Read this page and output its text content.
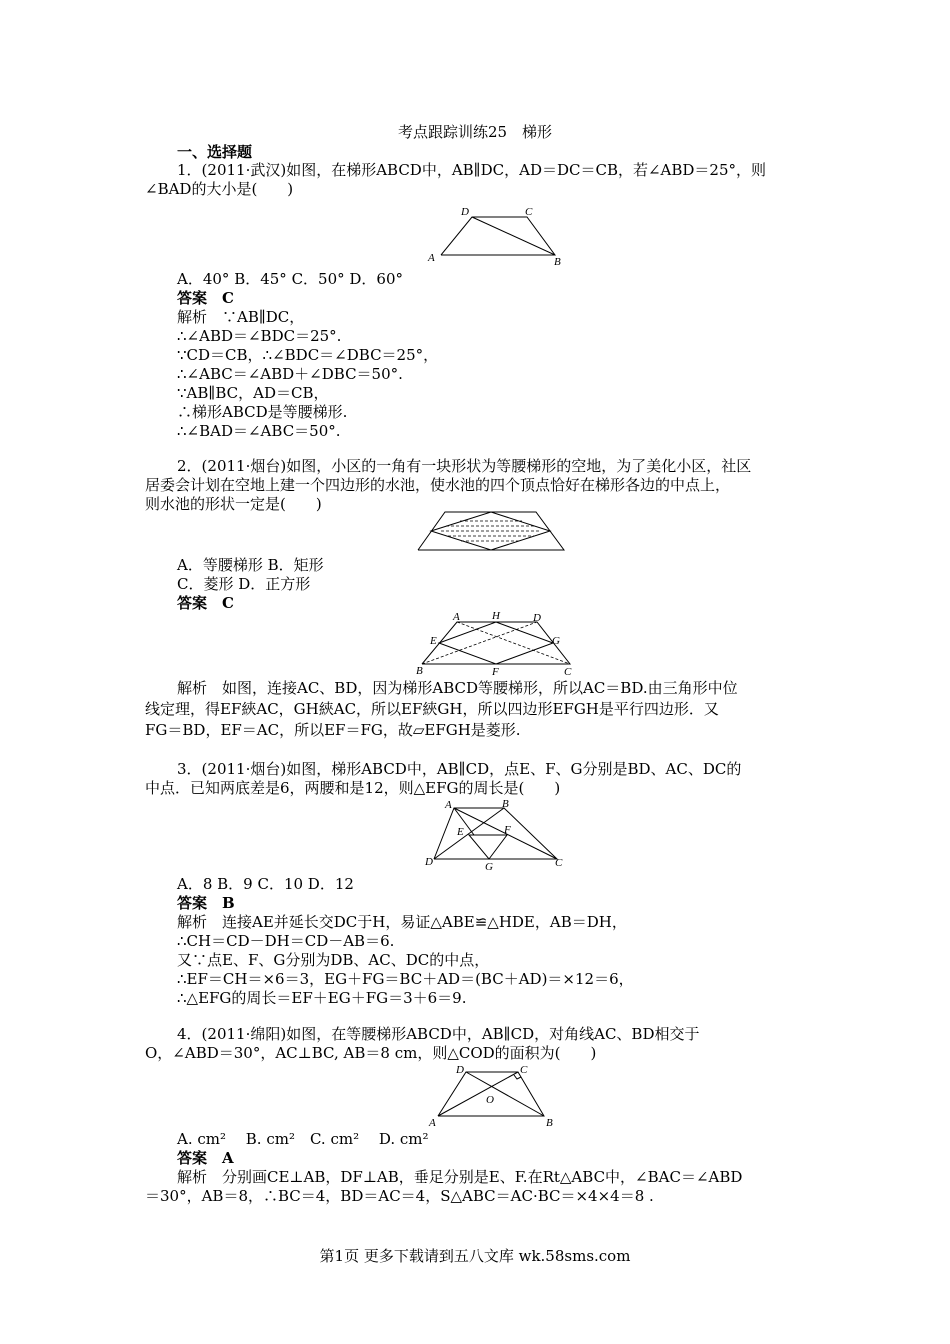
考点跟踪训练25　梯形
一、选择题
1．(2011·武汉)如图，在梯形ABCD中，AB∥DC，AD＝DC＝CB，若∠ABD＝25°，则
∠BAD的大小是(　　)
D	C
A	B
A．40° B．45° C．50° D．60°
答案　C
解析　∵AB∥DC，
∴∠ABD＝∠BDC＝25°.
∵CD＝CB，∴∠BDC＝∠DBC＝25°，
∴∠ABC＝∠ABD＋∠DBC＝50°.
∵AB∥BC，AD＝CB，
∴梯形ABCD是等腰梯形.
∴∠BAD＝∠ABC＝50°.
2．(2011·烟台)如图，小区的一角有一块形状为等腰梯形的空地，为了美化小区，社区
居委会计划在空地上建一个四边形的水池，使水池的四个顶点恰好在梯形各边的中点上，
则水池的形状一定是(　　)
A．等腰梯形 B．矩形
C．菱形 D．正方形
答案　C
A	H	D
E	G
B	F	C
解析　如图，连接AC、BD，因为梯形ABCD等腰梯形，所以AC＝BD.由三角形中位
线定理，得EF綊AC，GH綊AC，所以EF綊GH，所以四边形EFGH是平行四边形．又
FG＝BD，EF＝AC，所以EF＝FG，故▱EFGH是菱形.
3．(2011·烟台)如图，梯形ABCD中，AB∥CD，点E、F、G分别是BD、AC、DC的
中点．已知两底差是6，两腰和是12，则△EFG的周长是(　　)
A	B
E	F
D	G	C
A．8 B．9 C．10 D．12
答案　B
解析　连接AE并延长交DC于H，易证△ABE≌△HDE，AB＝DH，
∴CH＝CD－DH＝CD－AB＝6.
又∵点E、F、G分别为DB、AC、DC的中点，
∴EF＝CH＝×6＝3，EG＋FG＝BC＋AD＝(BC＋AD)＝×12＝6，
∴△EFG的周长＝EF＋EG＋FG＝3＋6＝9.
4．(2011·绵阳)如图，在等腰梯形ABCD中，AB∥CD，对角线AC、BD相交于
O，∠ABD＝30°，AC⊥BC, AB＝8 cm，则△COD的面积为(　　)
D	C
O
A	B
A. cm²　 B. cm²　C. cm²　 D. cm²
答案　A
解析　分别画CE⊥AB，DF⊥AB，垂足分别是E、F.在Rt△ABC中，∠BAC＝∠ABD
＝30°，AB＝8，∴BC＝4，BD＝AC＝4，S△ABC＝AC·BC＝×4×4＝8 .
第1页 更多下载请到五八文库 wk.58sms.com
